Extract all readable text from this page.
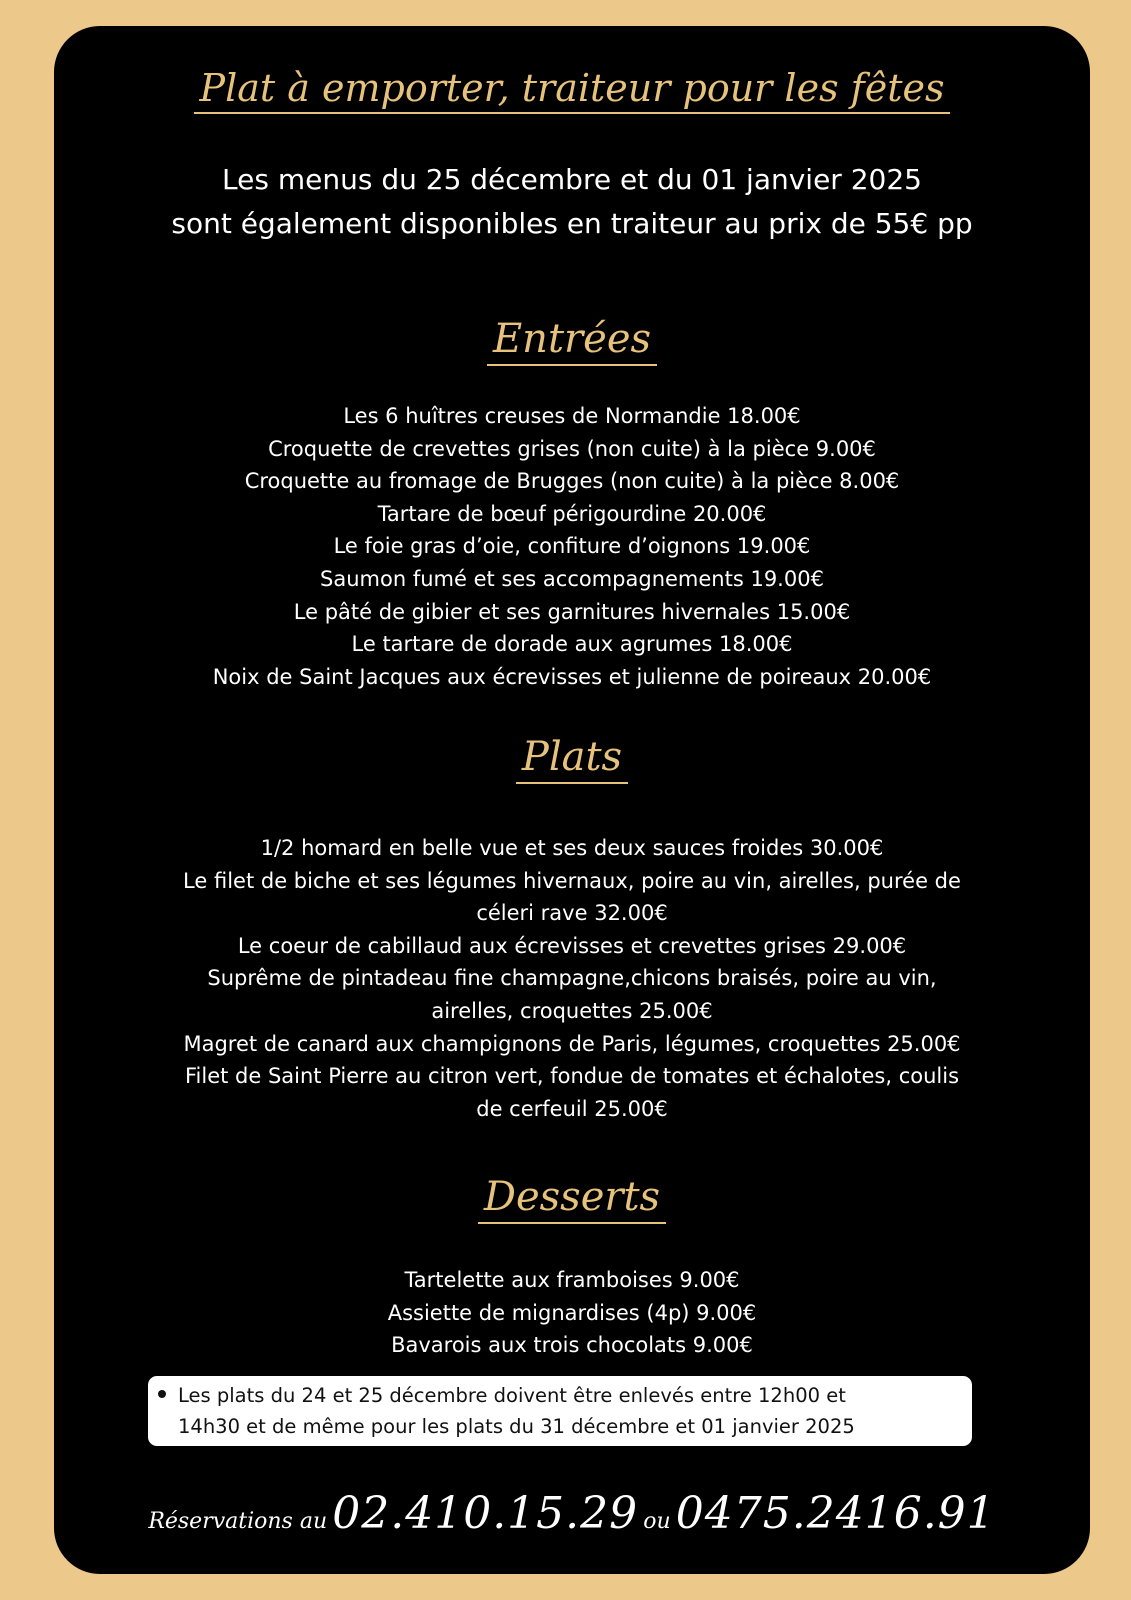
Plat à emporter, traiteur pour les fêtes
Les menus du 25 décembre et du 01 janvier 2025
sont également disponibles en traiteur au prix de 55€ pp
Entrées
Les 6 huîtres creuses de Normandie 18.00€
Croquette de crevettes grises (non cuite) à la pièce 9.00€
Croquette au fromage de Brugges (non cuite) à la pièce 8.00€
Tartare de bœuf périgourdine 20.00€
Le foie gras d’oie, confiture d’oignons 19.00€
Saumon fumé et ses accompagnements 19.00€
Le pâté de gibier et ses garnitures hivernales 15.00€
Le tartare de dorade aux agrumes 18.00€
Noix de Saint Jacques aux écrevisses et julienne de poireaux 20.00€
Plats
1/2 homard en belle vue et ses deux sauces froides 30.00€
Le filet de biche et ses légumes hivernaux, poire au vin, airelles, purée de
céleri rave 32.00€
Le coeur de cabillaud aux écrevisses et crevettes grises 29.00€
Suprême de pintadeau fine champagne,chicons braisés, poire au vin,
airelles, croquettes 25.00€
Magret de canard aux champignons de Paris, légumes, croquettes 25.00€
Filet de Saint Pierre au citron vert, fondue de tomates et échalotes, coulis
de cerfeuil 25.00€
Desserts
Tartelette aux framboises 9.00€
Assiette de mignardises (4p) 9.00€
Bavarois aux trois chocolats 9.00€
Les plats du 24 et 25 décembre doivent être enlevés entre 12h00 et
14h30 et de même pour les plats du 31 décembre et 01 janvier 2025
Réservations au 02.410.15.29 ou 0475.2416.91
